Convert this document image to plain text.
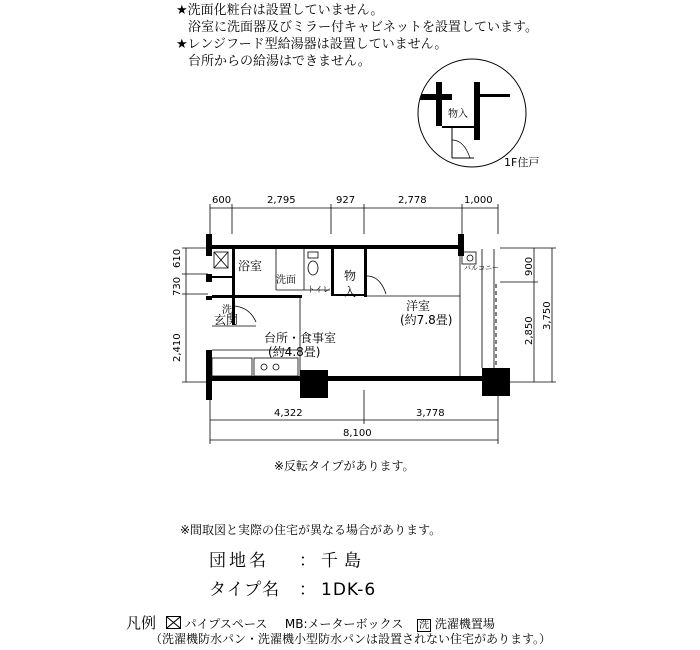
★洗面化粧台は設置していません。
浴室に洗面器及びミラー付キャビネットを設置しています。
★レンジフード型給湯器は設置していません。
台所からの給湯はできません。
物入
1F住戸
600	2,795	927	2,778	1,000
730
610
2,410
900
2,850
3,750
4,322	3,778
8,100
浴室
洗面
トイレ
物
入
洋室
(約7.8畳)
玄関
洗
台所・食事室
(約4.8畳)
バルコニー
※反転タイプがあります。
※間取図と実際の住宅が異なる場合があります。
団地名 ： 千島
タイプ名 ： 1DK-6
凡例 パイプスペース MB:メーターボックス 洗 洗濯機置場
（洗濯機防水パン・洗濯機小型防水パンは設置されない住宅があります。）
